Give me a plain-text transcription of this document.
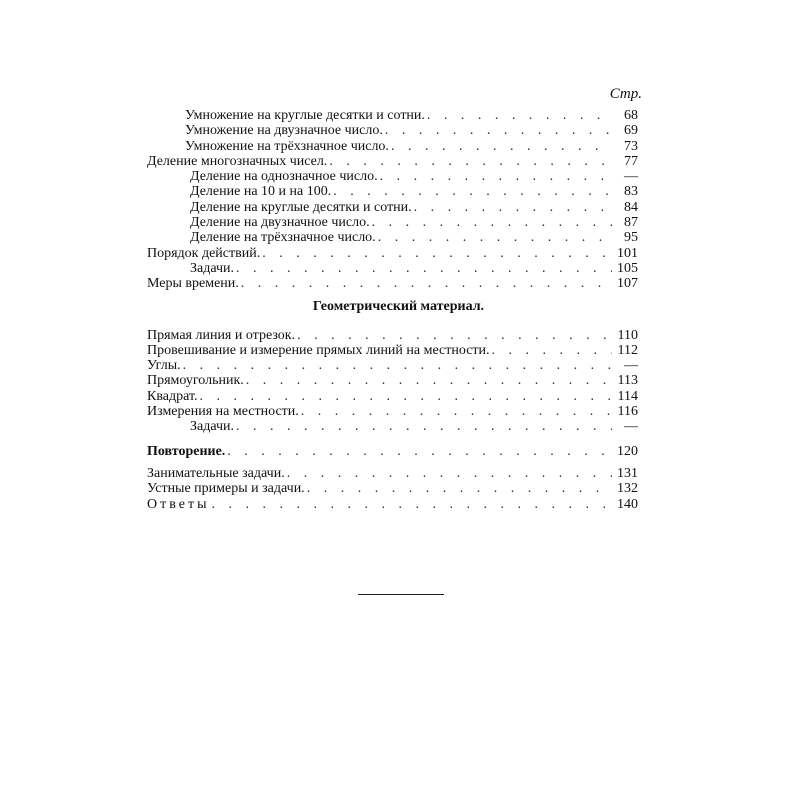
Стр.
Умножение на круглые десятки и сотни. . . .	68
Умножение на двузначное число. . . .	69
Умножение на трёхзначное число. . . .	73
Деление многозначных чисел. . . .	77
Деление на однозначное число. . . .	—
Деление на 10 и на 100. . . .	83
Деление на круглые десятки и сотни. . . .	84
Деление на двузначное число. . . .	87
Деление на трёхзначное число. . . .	95
Порядок действий. . . .	101
Задачи. . . .	105
Меры времени. . . .	107
Геометрический материал.
Прямая линия и отрезок. . . .	110
Провешивание и измерение прямых линий на местности. . . .	112
Углы. . . .	—
Прямоугольник. . . .	113
Квадрат. . . .	114
Измерения на местности. . . .	116
Задачи. . . .	—
Повторение. . . .	120
Занимательные задачи. . . .	131
Устные примеры и задачи. . . .	132
Ответы . . .	140
